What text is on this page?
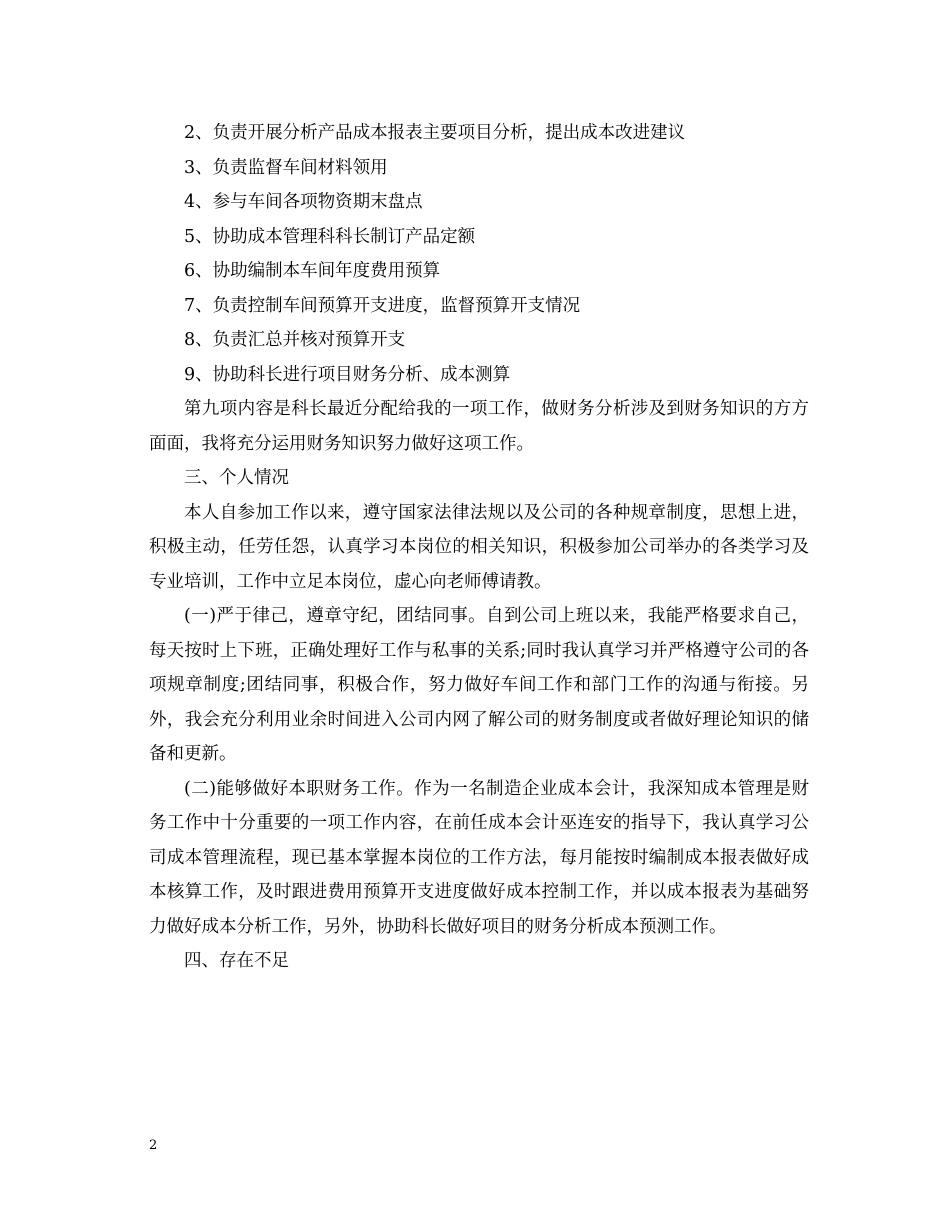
2、负责开展分析产品成本报表主要项目分析，提出成本改进建议

3、负责监督车间材料领用

4、参与车间各项物资期末盘点

5、协助成本管理科科长制订产品定额

6、协助编制本车间年度费用预算

7、负责控制车间预算开支进度，监督预算开支情况

8、负责汇总并核对预算开支

9、协助科长进行项目财务分析、成本测算

第九项内容是科长最近分配给我的一项工作，做财务分析涉及到财务知识的方方面面，我将充分运用财务知识努力做好这项工作。

三、个人情况

本人自参加工作以来，遵守国家法律法规以及公司的各种规章制度，思想上进，积极主动，任劳任怨，认真学习本岗位的相关知识，积极参加公司举办的各类学习及专业培训，工作中立足本岗位，虚心向老师傅请教。

(一)严于律己，遵章守纪，团结同事。自到公司上班以来，我能严格要求自己，每天按时上下班，正确处理好工作与私事的关系;同时我认真学习并严格遵守公司的各项规章制度;团结同事，积极合作，努力做好车间工作和部门工作的沟通与衔接。另外，我会充分利用业余时间进入公司内网了解公司的财务制度或者做好理论知识的储备和更新。

(二)能够做好本职财务工作。作为一名制造企业成本会计，我深知成本管理是财务工作中十分重要的一项工作内容，在前任成本会计巫连安的指导下，我认真学习公司成本管理流程，现已基本掌握本岗位的工作方法，每月能按时编制成本报表做好成本核算工作，及时跟进费用预算开支进度做好成本控制工作，并以成本报表为基础努力做好成本分析工作，另外，协助科长做好项目的财务分析成本预测工作。

四、存在不足

2
